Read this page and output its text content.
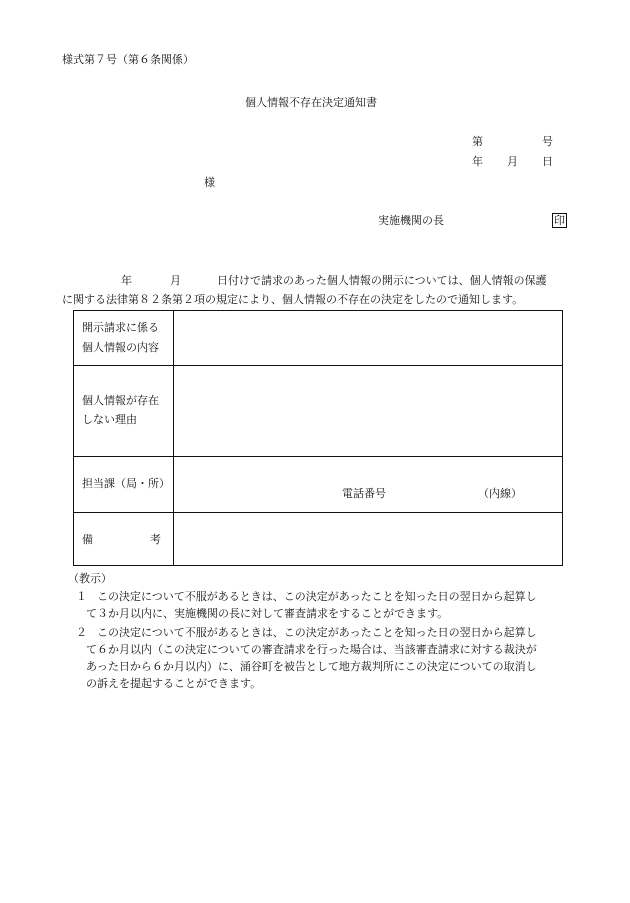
様式第７号（第６条関係）
個人情報不存在決定通知書
第	号
年 月 日
様
実施機関の長	印
年	月	日付けで請求のあった個人情報の開示については、個人情報の保護
に関する法律第８２条第２項の規定により、個人情報の不存在の決定をしたので通知します。
開示請求に係る
個人情報の内容
個人情報が存在
しない理由
担当課（局・所）
電話番号	（内線）
備	考
（教示）
１ この決定について不服があるときは、この決定があったことを知った日の翌日から起算し
て３か月以内に、実施機関の長に対して審査請求をすることができます。
２ この決定について不服があるときは、この決定があったことを知った日の翌日から起算し
て６か月以内（この決定についての審査請求を行った場合は、当該審査請求に対する裁決が
あった日から６か月以内）に、涌谷町を被告として地方裁判所にこの決定についての取消し
の訴えを提起することができます。
